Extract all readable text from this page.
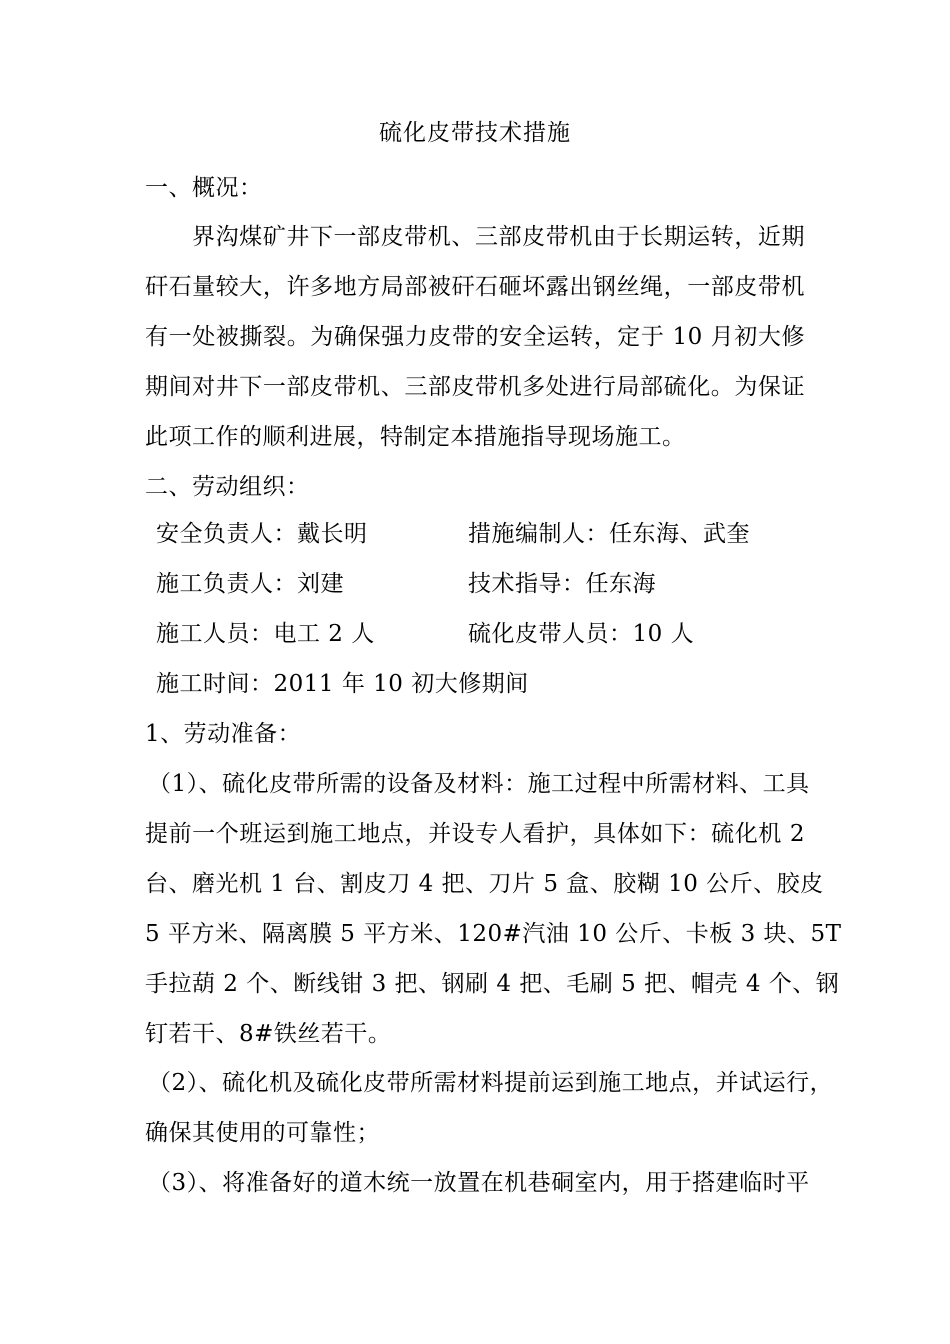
硫化皮带技术措施
一、概况：
界沟煤矿井下一部皮带机、三部皮带机由于长期运转，近期
矸石量较大，许多地方局部被矸石砸坏露出钢丝绳，一部皮带机
有一处被撕裂。为确保强力皮带的安全运转，定于 10 月初大修
期间对井下一部皮带机、三部皮带机多处进行局部硫化。为保证
此项工作的顺利进展，特制定本措施指导现场施工。
二、劳动组织：
安全负责人：戴长明	措施编制人：任东海、武奎
施工负责人：刘建	技术指导：任东海
施工人员：电工 2 人	硫化皮带人员：10 人
施工时间：2011 年 10 初大修期间
1、劳动准备：
（1）、硫化皮带所需的设备及材料：施工过程中所需材料、工具
提前一个班运到施工地点，并设专人看护，具体如下：硫化机 2
台、磨光机 1 台、割皮刀 4 把、刀片 5 盒、胶糊 10 公斤、胶皮
5 平方米、隔离膜 5 平方米、120#汽油 10 公斤、卡板 3 块、5T
手拉葫 2 个、断线钳 3 把、钢刷 4 把、毛刷 5 把、帽壳 4 个、钢
钉若干、8#铁丝若干。
（2）、硫化机及硫化皮带所需材料提前运到施工地点，并试运行，
确保其使用的可靠性；
（3）、将准备好的道木统一放置在机巷硐室内，用于搭建临时平
